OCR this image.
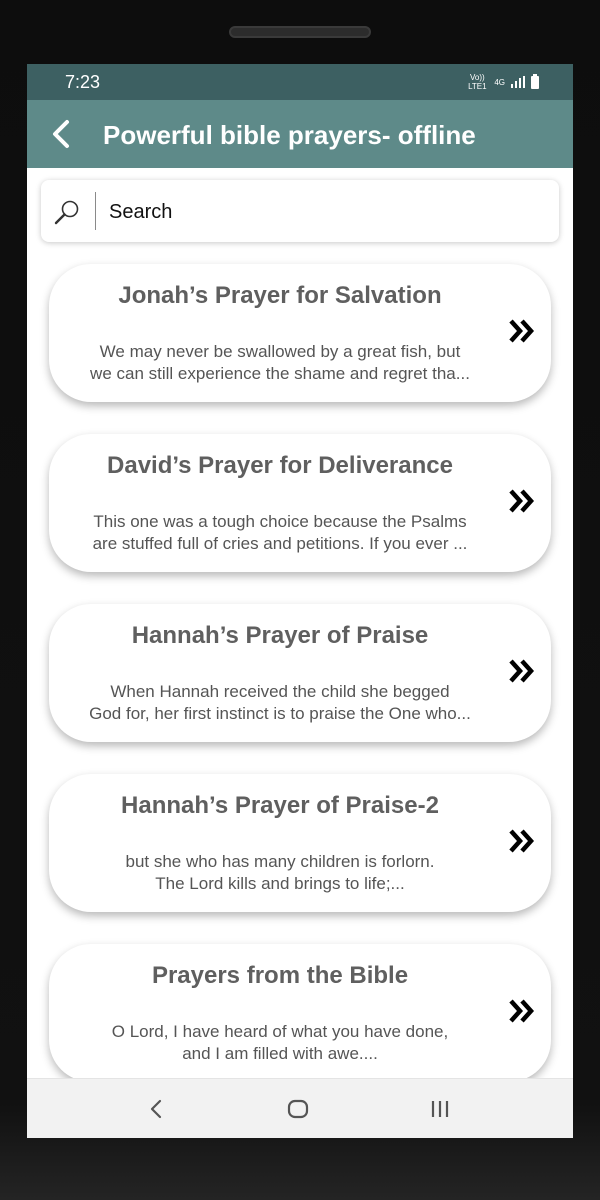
7:23	Vo)) LTE1 4G
Powerful bible prayers- offline
Search
Jonah’s Prayer for Salvation
We may never be swallowed by a great fish, but
we can still experience the shame and regret tha...
David’s Prayer for Deliverance
This one was a tough choice because the Psalms
are stuffed full of cries and petitions. If you ever ...
Hannah’s Prayer of Praise
When Hannah received the child she begged
God for, her first instinct is to praise the One who...
Hannah’s Prayer of Praise-2
but she who has many children is forlorn.
The Lord kills and brings to life;...
Prayers from the Bible
O Lord, I have heard of what you have done,
and I am filled with awe....
